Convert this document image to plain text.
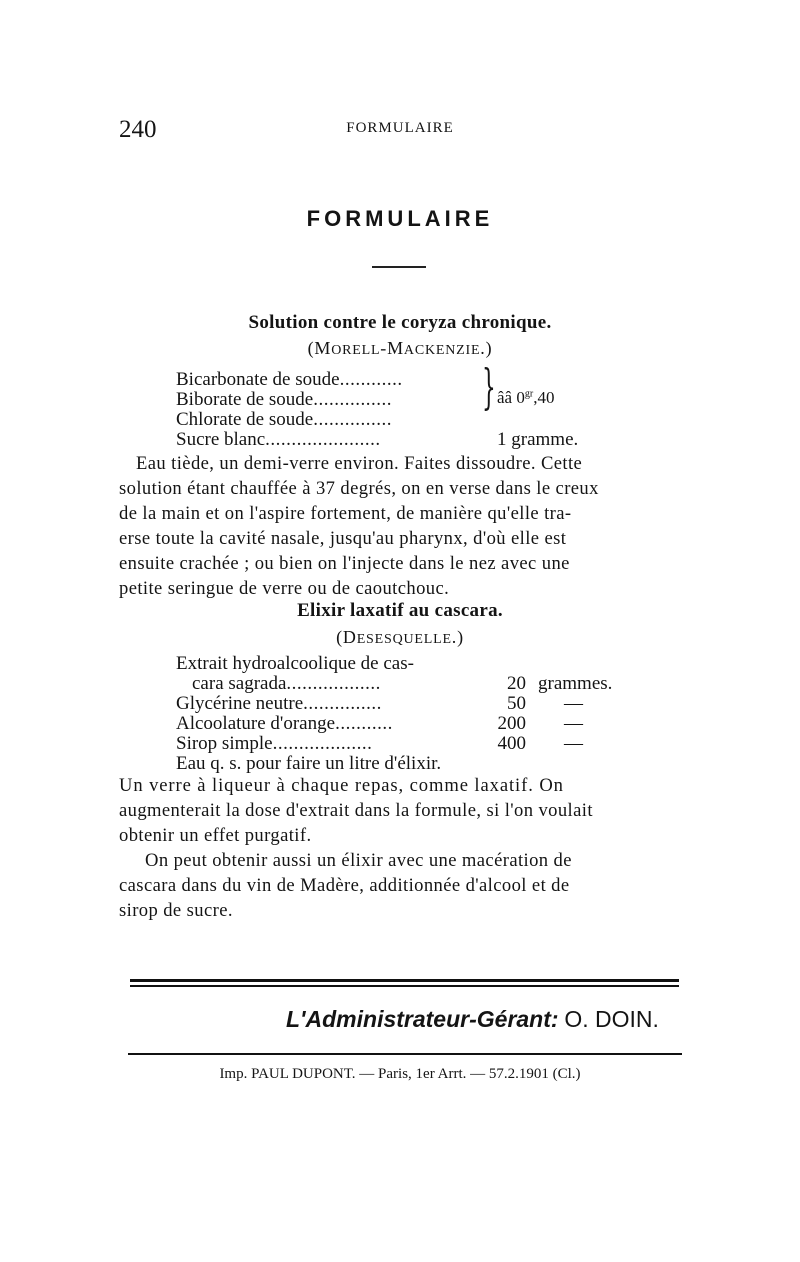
240	FORMULAIRE
FORMULAIRE
Solution contre le coryza chronique.
(MORELL-MACKENZIE.)
Bicarbonate de soude............
Biborate de soude...............
Chlorate de soude...............
} ââ $0^{gr},40$
Sucre blanc......................	1 gramme.
Eau tiède, un demi-verre environ. Faites dissoudre. Cette
solution étant chauffée à 37 degrés, on en verse dans le creux
de la main et on l'aspire fortement, de manière qu'elle tra-
erse toute la cavité nasale, jusqu'au pharynx, d'où elle est
ensuite crachée ; ou bien on l'injecte dans le nez avec une
petite seringue de verre ou de caoutchouc.
Elixir laxatif au cascara.
(DESESQUELLE.)
Extrait hydroalcoolique de cas-
cara sagrada..................	20 grammes.
Glycérine neutre...............	50 —
Alcoolature d'orange...........	200 —
Sirop simple...................	400 —
Eau q. s. pour faire un litre d'élixir.
Un verre à liqueur à chaque repas, comme laxatif. On
augmenterait la dose d'extrait dans la formule, si l'on voulait
obtenir un effet purgatif.
On peut obtenir aussi un élixir avec une macération de
cascara dans du vin de Madère, additionnée d'alcool et de
sirop de sucre.
L'Administrateur-Gérant: O. DOIN.
Imp. PAUL DUPONT. — Paris, 1er Arrt. — 57.2.1901 (Cl.)
